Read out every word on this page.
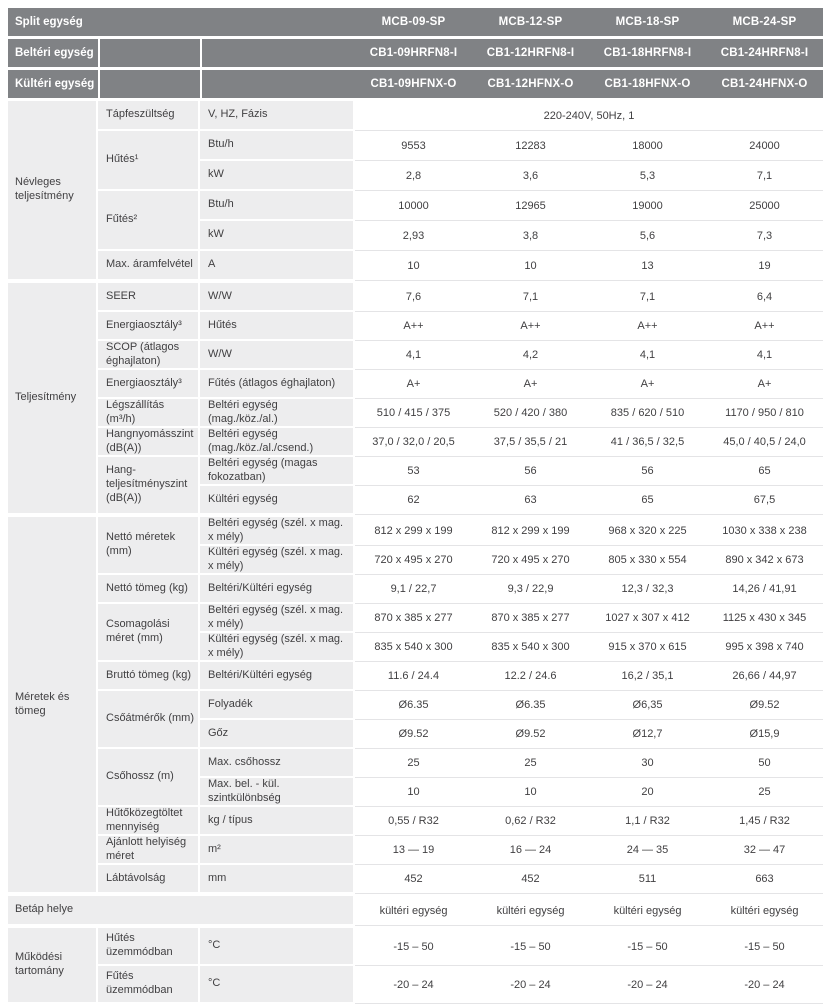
Split egység	MCB-09-SP	MCB-12-SP	MCB-18-SP	MCB-24-SP
Beltéri egység	CB1-09HRFN8-I	CB1-12HRFN8-I	CB1-18HRFN8-I	CB1-24HRFN8-I
Kültéri egység	CB1-09HFNX-O	CB1-12HFNX-O	CB1-18HFNX-O	CB1-24HFNX-O
Névleges teljesítmény
Tápfeszültség	V, HZ, Fázis	220-240V, 50Hz, 1
Hűtés¹
Btu/h	9553	12283	18000	24000
kW	2,8	3,6	5,3	7,1
Fűtés²
Btu/h	10000	12965	19000	25000
kW	2,93	3,8	5,6	7,3
Max. áramfelvétel	A	10	10	13	19
Teljesítmény
SEER	W/W	7,6	7,1	7,1	6,4
Energiaosztály³	Hűtés	A++	A++	A++	A++
SCOP (átlagos éghajlaton)
W/W	4,1	4,2	4,1	4,1
Energiaosztály³	Fűtés (átlagos éghajlaton)	A+	A+	A+	A+
Légszállítás (m³/h)
Beltéri egység (mag./köz./al.)	510 / 415 / 375	520 / 420 / 380	835 / 620 / 510	1170 / 950 / 810
Hangnyomásszint (dB(A))
Beltéri egység (mag./köz./al./csend.)	37,0 / 32,0 / 20,5	37,5 / 35,5 / 21	41 / 36,5 / 32,5	45,0 / 40,5 / 24,0
Hang-teljesítményszint (dB(A))
Beltéri egység (magas fokozatban)	53	56	56	65
Kültéri egység	62	63	65	67,5
Méretek és tömeg
Nettó méretek (mm)
Beltéri egység (szél. x mag. x mély)	812 x 299 x 199	812 x 299 x 199	968 x 320 x 225	1030 x 338 x 238
Kültéri egység (szél. x mag. x mély)	720 x 495 x 270	720 x 495 x 270	805 x 330 x 554	890 x 342 x 673
Nettó tömeg (kg)	Beltéri/Kültéri egység	9,1 / 22,7	9,3 / 22,9	12,3 / 32,3	14,26 / 41,91
Csomagolási méret (mm)
Beltéri egység (szél. x mag. x mély)	870 x 385 x 277	870 x 385 x 277	1027 x 307 x 412	1125 x 430 x 345
Kültéri egység (szél. x mag. x mély)	835 x 540 x 300	835 x 540 x 300	915 x 370 x 615	995 x 398 x 740
Bruttó tömeg (kg)	Beltéri/Kültéri egység	11.6 / 24.4	12.2 / 24.6	16,2 / 35,1	26,66 / 44,97
Csőátmérők (mm)
Folyadék	Ø6.35	Ø6.35	Ø6,35	Ø9.52
Gőz	Ø9.52	Ø9.52	Ø12,7	Ø15,9
Csőhossz (m)
Max. csőhossz	25	25	30	50
Max. bel. - kül. szintkülönbség	10	10	20	25
Hűtőközegtöltet mennyiség
kg / típus	0,55 / R32	0,62 / R32	1,1 / R32	1,45 / R32
Ajánlott helyiség méret
m²	13 — 19	16 — 24	24 — 35	32 — 47
Lábtávolság	mm	452	452	511	663
Betáp helye	kültéri egység	kültéri egység	kültéri egység	kültéri egység
Működési tartomány
Hűtés üzemmódban
°C	-15 – 50	-15 – 50	-15 – 50	-15 – 50
Fűtés üzemmódban
°C	-20 – 24	-20 – 24	-20 – 24	-20 – 24
